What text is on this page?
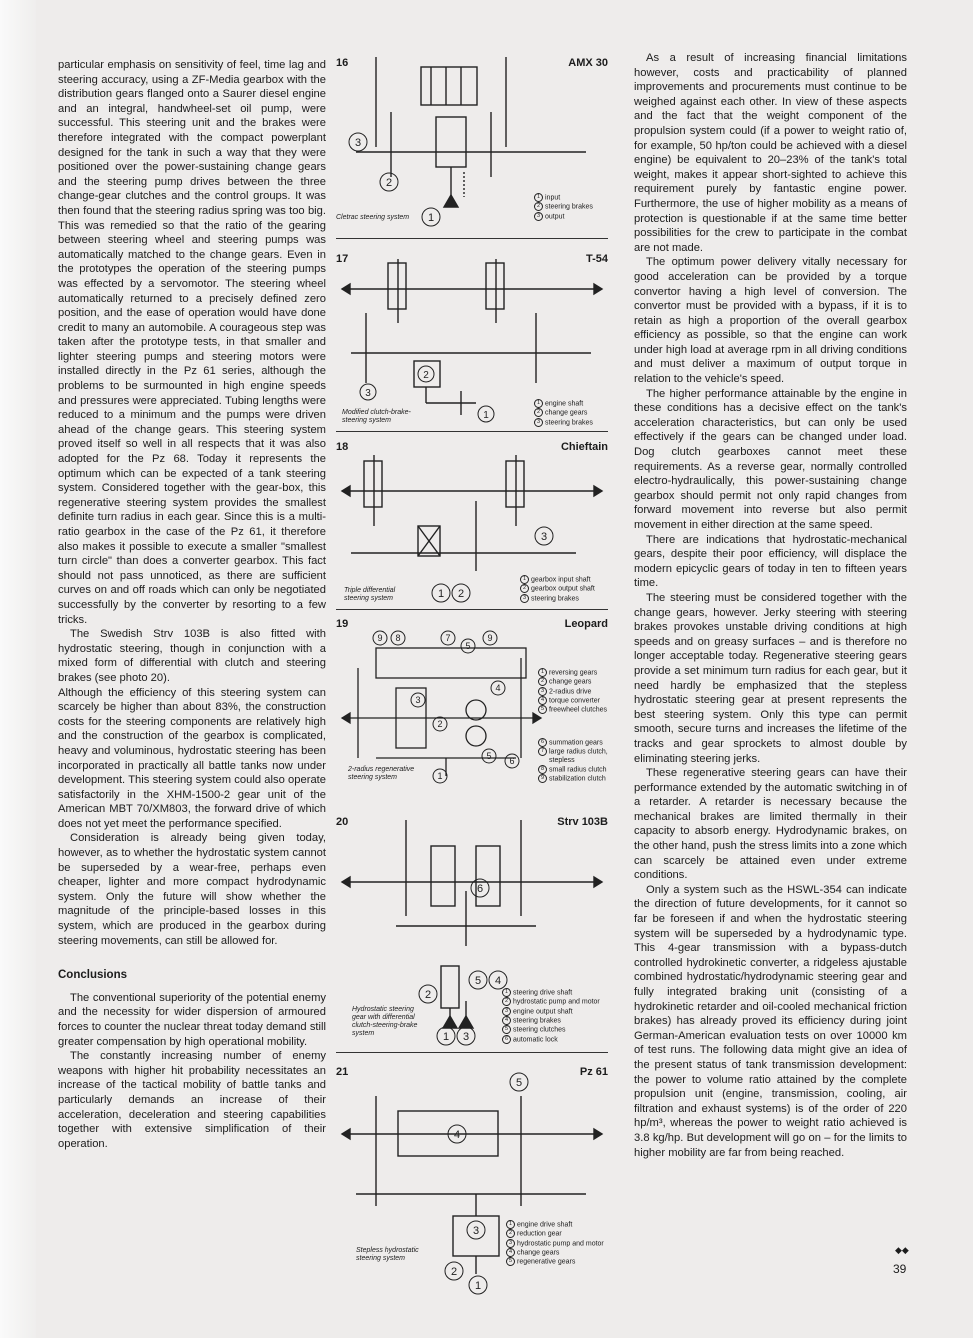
particular emphasis on sensitivity of feel, time lag and steering accuracy, using a ZF-Media gearbox with the distribution gears flanged onto a Saurer diesel engine and an integral, handwheel-set oil pump, were successful. This steering unit and the brakes were therefore integrated with the compact powerplant designed for the tank in such a way that they were positioned over the power-sustaining change gears and the steering pump drives between the three change-gear clutches and the control groups. It was then found that the steering radius spring was too big. This was remedied so that the ratio of the gearing between steering wheel and steering pumps was automatically matched to the change gears. Even in the prototypes the operation of the steering pumps was effected by a servomotor. The steering wheel automatically returned to a precisely defined zero position, and the ease of operation would have done credit to many an automobile. A courageous step was taken after the prototype tests, in that smaller and lighter steering pumps and steering motors were installed directly in the Pz 61 series, although the problems to be surmounted in high engine speeds and pressures were appreciated. Tubing lengths were reduced to a minimum and the pumps were driven ahead of the change gears. This steering system proved itself so well in all respects that it was also adopted for the Pz 68. Today it represents the optimum which can be expected of a tank steering system. Considered together with the gear-box, this regenerative steering system provides the smallest definite turn radius in each gear. Since this is a multi-ratio gearbox in the case of the Pz 61, it therefore also makes it possible to execute a smaller "smallest turn circle" than does a converter gearbox. This fact should not pass unnoticed, as there are sufficient curves on and off roads which can only be negotiated successfully by the converter by resorting to a few tricks.

The Swedish Strv 103B is also fitted with hydrostatic steering, though in conjunction with a mixed form of differential with clutch and steering brakes (see photo 20).

Although the efficiency of this steering system can scarcely be higher than about 83%, the construction costs for the steering components are relatively high and the construction of the gearbox is complicated, heavy and voluminous, hydrostatic steering has been incorporated in practically all battle tanks now under development. This steering system could also operate satisfactorily in the XHM-1500-2 gear unit of the American MBT 70/XM803, the forward drive of which does not yet meet the performance specified.

Consideration is already being given today, however, as to whether the hydrostatic system cannot be superseded by a wear-free, perhaps even cheaper, lighter and more compact hydrodynamic system. Only the future will show whether the magnitude of the principle-based losses in this system, which are produced in the gearbox during steering movements, can still be allowed for.

Conclusions

The conventional superiority of the potential enemy and the necessity for wider dispersion of armoured forces to counter the nuclear threat today demand still greater compensation by high operational mobility.

The constantly increasing number of enemy weapons with higher hit probability necessitates an increase of the tactical mobility of battle tanks and particularly demands an increase of their acceleration, deceleration and steering capabilities together with extensive simplification of their operation.

As a result of increasing financial limitations however, costs and practicability of planned improvements and procurements must continue to be weighed against each other. In view of these aspects and the fact that the weight component of the propulsion system could (if a power to weight ratio of, for example, 50 hp/ton could be achieved with a diesel engine) be equivalent to 20–23% of the tank's total weight, makes it appear short-sighted to achieve this requirement purely by fantastic engine power. Furthermore, the use of higher mobility as a means of protection is questionable if at the same time better possibilities for the crew to participate in the combat are not made.

The optimum power delivery vitally necessary for good acceleration can be provided by a torque convertor having a high level of conversion. The convertor must be provided with a bypass, if it is to retain as high a proportion of the overall gearbox efficiency as possible, so that the engine can work under high load at average rpm in all driving conditions and must deliver a maximum of output torque in relation to the vehicle's speed.

The higher performance attainable by the engine in these conditions has a decisive effect on the tank's acceleration characteristics, but can only be used effectively if the gears can be changed under load. Dog clutch gearboxes cannot meet these requirements. As a reverse gear, normally controlled electro-hydraulically, this power-sustaining change gearbox should permit not only rapid changes from forward movement into reverse but also permit movement in either direction at the same speed.

There are indications that hydrostatic-mechanical gears, despite their poor efficiency, will displace the modern epicyclic gears of today in ten to fifteen years time.

The steering must be considered together with the change gears, however. Jerky steering with steering brakes provokes unstable driving conditions at high speeds and on greasy surfaces – and is therefore no longer acceptable today. Regenerative steering gears provide a set minimum turn radius for each gear, but it need hardly be emphasized that the stepless hydrostatic steering gear at present represents the best steering system. Only this type can permit smooth, secure turns and increases the lifetime of the tracks and gear sprockets to almost double by eliminating steering jerks.

These regenerative steering gears can have their performance extended by the automatic switching in of a retarder. A retarder is necessary because the mechanical brakes are limited thermally in their capacity to absorb energy. Hydrodynamic brakes, on the other hand, push the stress limits into a zone which can scarcely be attained even under extreme conditions.

Only a system such as the HSWL-354 can indicate the direction of future developments, for it cannot so far be foreseen if and when the hydrostatic steering system will be superseded by a hydrodynamic type. This 4-gear transmission with a bypass-dutch controlled hydrokinetic converter, a ridgeless ajustable combined hydrostatic/hydrodynamic steering gear and fully integrated braking unit (consisting of a hydrokinetic retarder and oil-cooled mechanical friction brakes) has already proved its efficiency during joint German-American evaluation tests on over 10000 km of test runs. The following data might give an idea of the present status of tank transmission development: the power to volume ratio attained by the complete propulsion unit (engine, transmission, cooling, air filtration and exhaust systems) is of the order of 220 hp/m³, whereas the power to weight ratio achieved is 3.8 kg/hp. But development will go on – for the limits to higher mobility are far from being reached.

3
2
1
16	AMX 30
Cletrac steering system
1 input
2 steering brakes
3 output
2
3
1
17	T-54
Modified clutch-brake-
steering system
1 engine shaft
2 change gears
3 steering brakes
3
1 2
18	Chieftain
Triple differential
steering system
1 gearbox input shaft
2 gearbox output shaft
3 steering brakes
9 8	7	9
5
4
3
2
5 6
1
19	Leopard
2-radius regenerative
steering system
1 reversing gears
2 change gears
3 2-radius drive
4 torque converter
5 freewheel clutches
6 summation gears
7 large radius clutch,
stepless
8 small radius clutch
9 stabilization clutch
6
5 4
2
1 3
20	Strv 103B
Hydrostatic steering
gear with differential
clutch-steering-brake
system
1 steering drive shaft
2 hydrostatic pump and motor
3 engine output shaft
4 steering brakes
5 steering clutches
6 automatic lock
5
4
3
2
1
21	Pz 61
Stepless hydrostatic
steering system
1 engine drive shaft
2 reduction gear
3 hydrostatic pump and motor
4 change gears
5 regenerative gears
◆◆
39
